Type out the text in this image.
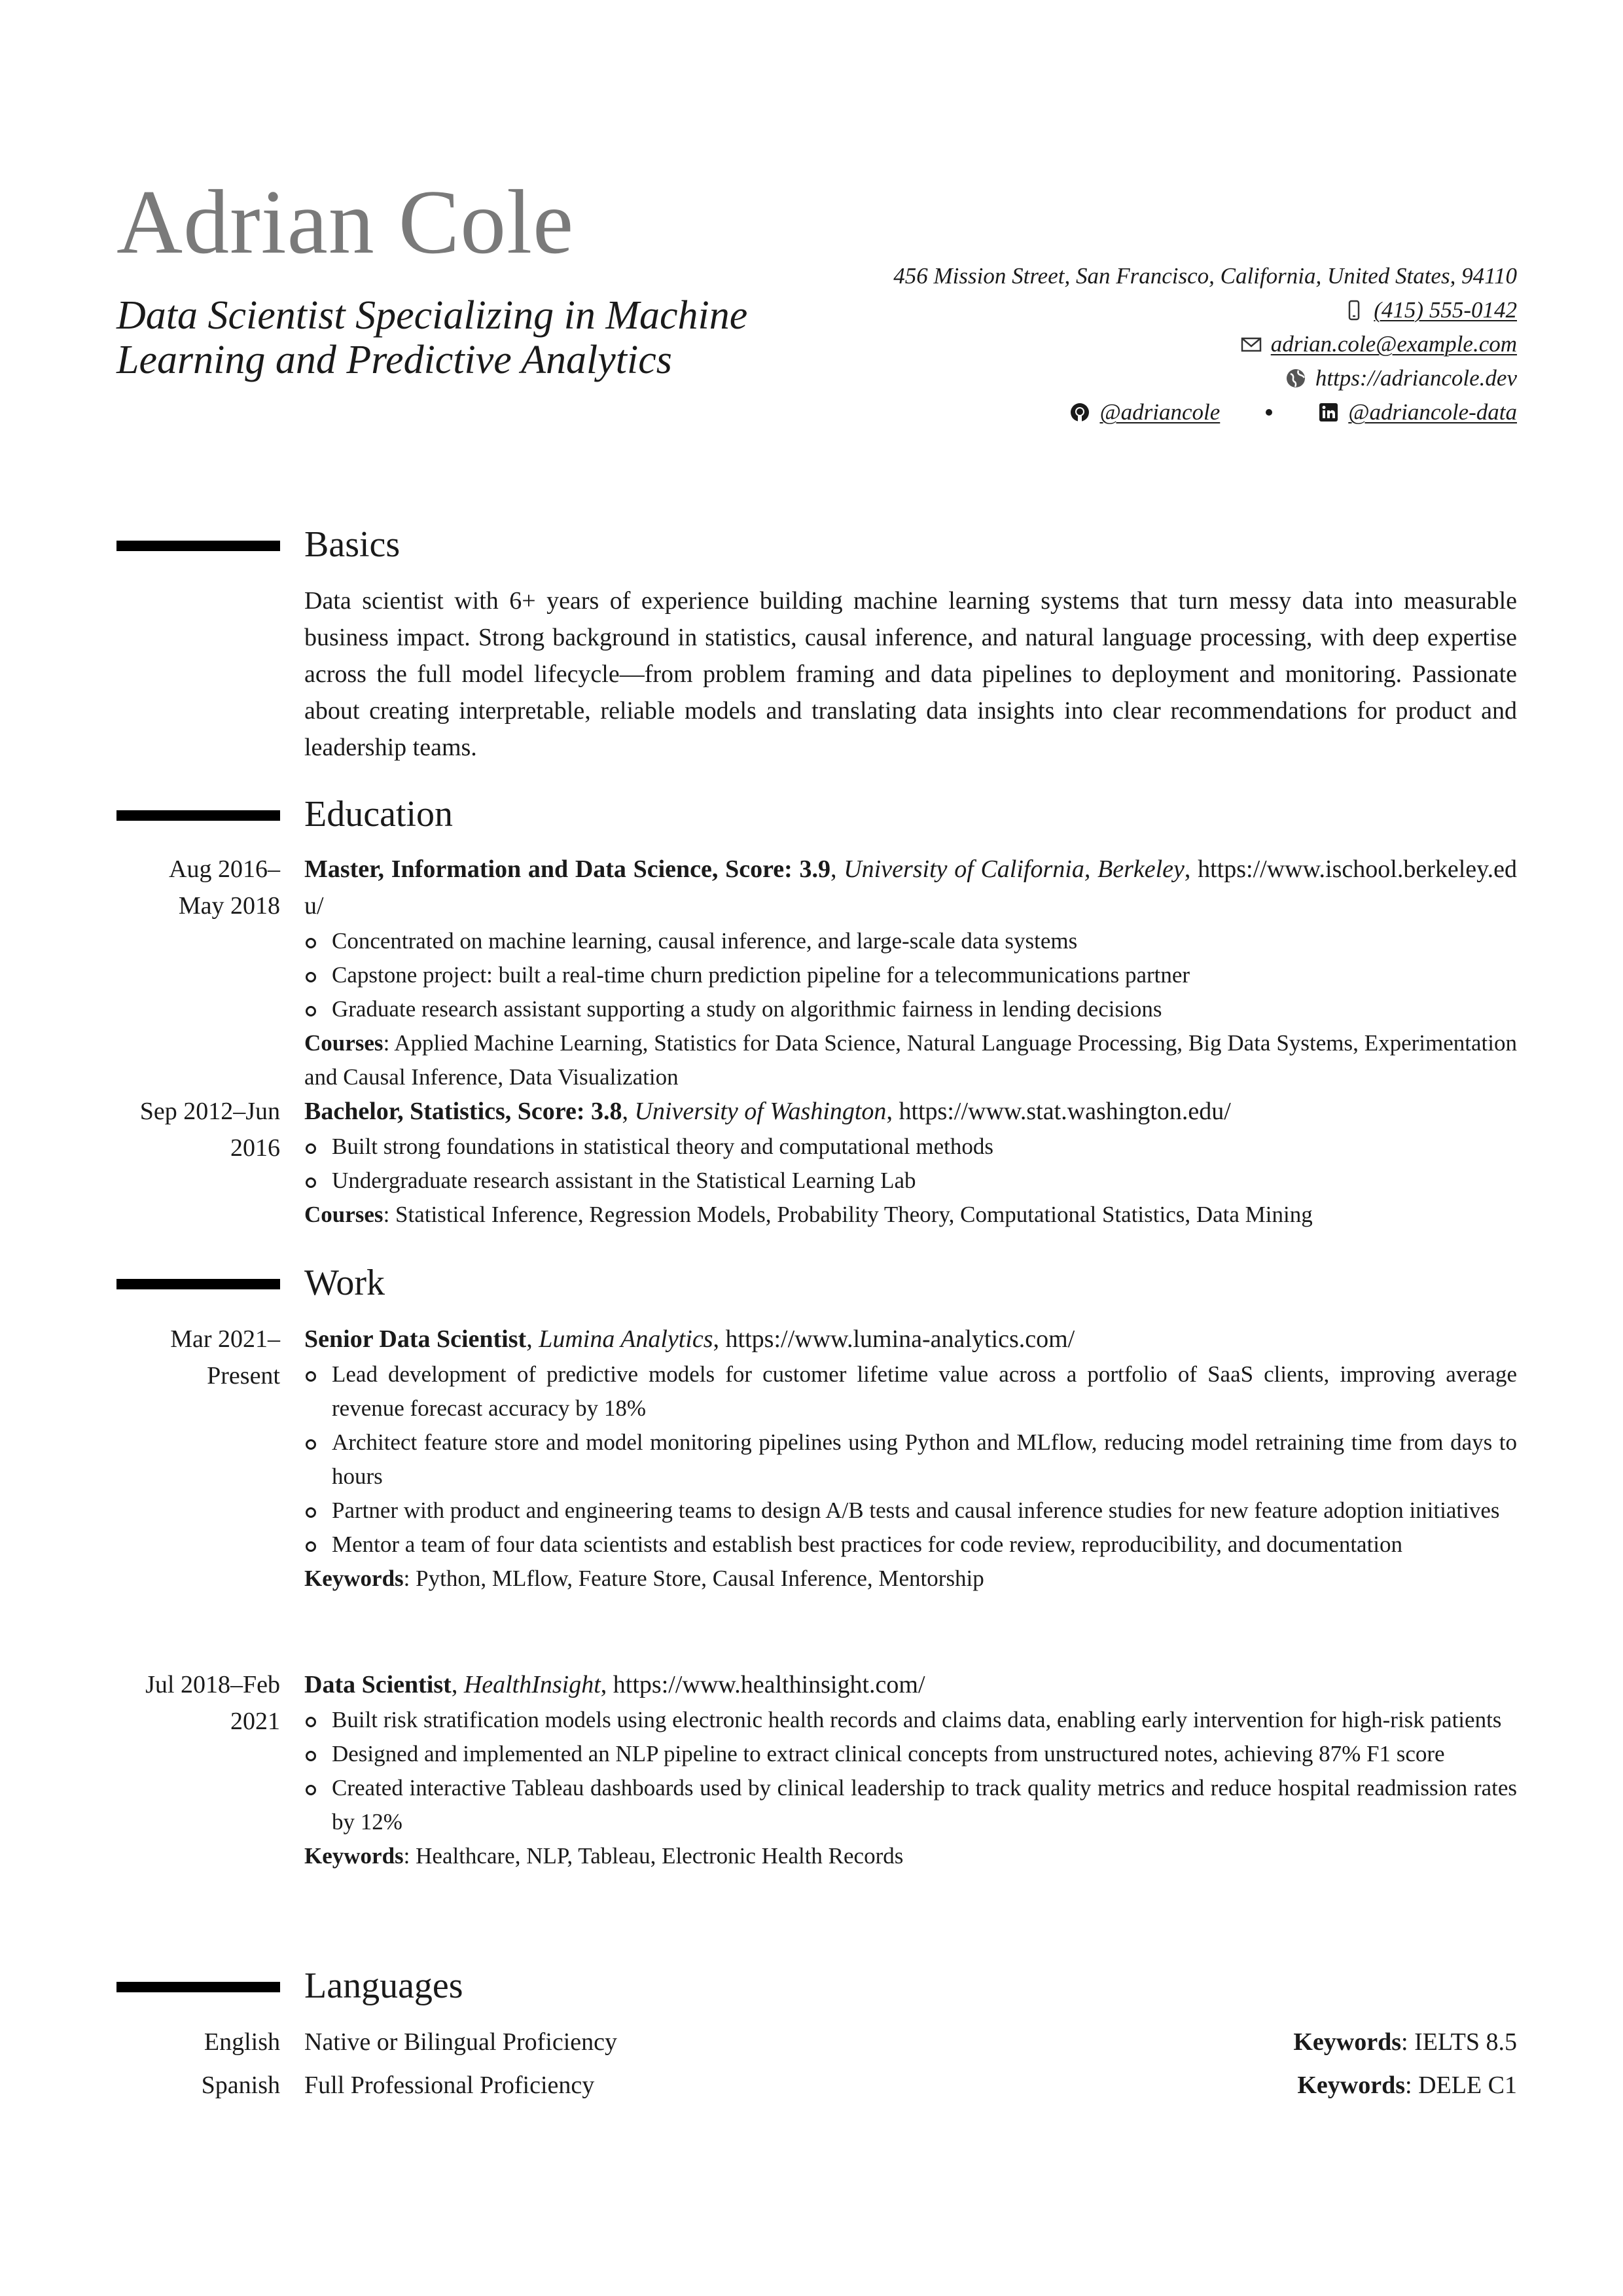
Adrian Cole
Data Scientist Specializing in Machine Learning and Predictive Analytics
456 Mission Street, San Francisco, California, United States, 94110
(415) 555-0142
adrian.cole@example.com
https://adriancole.dev
@adriancole	@adriancole-data
Basics
Data scientist with 6+ years of experience building machine learning systems that turn messy data into measurable business impact. Strong background in statistics, causal inference, and natural language processing, with deep expertise across the full model lifecycle—from problem framing and data pipelines to deployment and monitoring. Passionate about creating interpretable, reliable models and translating data insights into clear recommendations for product and leadership teams.
Education
Aug 2016–
May 2018
Master, Information and Data Science, Score: 3.9, University of California, Berkeley, https://www.ischool.berkeley.edu/
Concentrated on machine learning, causal inference, and large-scale data systems
Capstone project: built a real-time churn prediction pipeline for a telecommunications partner
Graduate research assistant supporting a study on algorithmic fairness in lending decisions
Courses: Applied Machine Learning, Statistics for Data Science, Natural Language Processing, Big Data Systems, Experimentation and Causal Inference, Data Visualization
Sep 2012–Jun
2016
Bachelor, Statistics, Score: 3.8, University of Washington, https://www.stat.washington.edu/
Built strong foundations in statistical theory and computational methods
Undergraduate research assistant in the Statistical Learning Lab
Courses: Statistical Inference, Regression Models, Probability Theory, Computational Statistics, Data Mining
Work
Mar 2021–
Present
Senior Data Scientist, Lumina Analytics, https://www.lumina-analytics.com/
Lead development of predictive models for customer lifetime value across a portfolio of SaaS clients, improving average revenue forecast accuracy by 18%
Architect feature store and model monitoring pipelines using Python and MLflow, reducing model retraining time from days to hours
Partner with product and engineering teams to design A/B tests and causal inference studies for new feature adoption initiatives
Mentor a team of four data scientists and establish best practices for code review, reproducibility, and documentation
Keywords: Python, MLflow, Feature Store, Causal Inference, Mentorship
Jul 2018–Feb
2021
Data Scientist, HealthInsight, https://www.healthinsight.com/
Built risk stratification models using electronic health records and claims data, enabling early intervention for high-risk patients
Designed and implemented an NLP pipeline to extract clinical concepts from unstructured notes, achieving 87% F1 score
Created interactive Tableau dashboards used by clinical leadership to track quality metrics and reduce hospital readmission rates by 12%
Keywords: Healthcare, NLP, Tableau, Electronic Health Records
Languages
English Native or Bilingual Proficiency	Keywords: IELTS 8.5
Spanish Full Professional Proficiency	Keywords: DELE C1
